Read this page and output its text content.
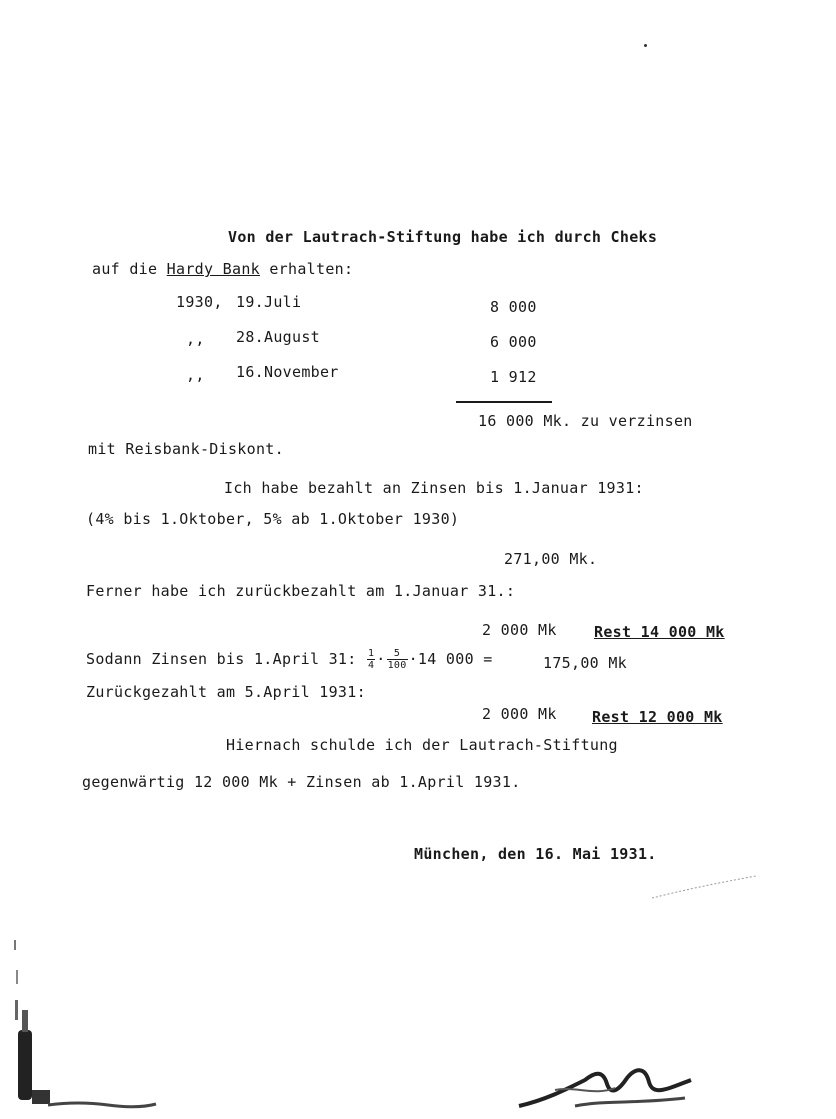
Von der Lautrach-Stiftung habe ich durch Cheks
auf die Hardy Bank erhalten:
1930, 19.Juli	8 000
,, 28.August	6 000
,, 16.November	1 912
16 000 Mk. zu verzinsen
mit Reisbank-Diskont.
Ich habe bezahlt an Zinsen bis 1.Januar 1931:
(4% bis 1.Oktober, 5% ab 1.Oktober 1930)
271,00 Mk.
Ferner habe ich zurückbezahlt am 1.Januar 31.:
2 000 Mk Rest 14 000 Mk
Sodann Zinsen bis 1.April 31: $\frac{1}{4} \cdot \frac{5}{100} \cdot 14$ 000 =	175,00 Mk
Zurückgezahlt am 5.April 1931:
2 000 Mk Rest 12 000 Mk
Hiernach schulde ich der Lautrach-Stiftung
gegenwärtig 12 000 Mk + Zinsen ab 1.April 1931.
München, den 16. Mai 1931.
